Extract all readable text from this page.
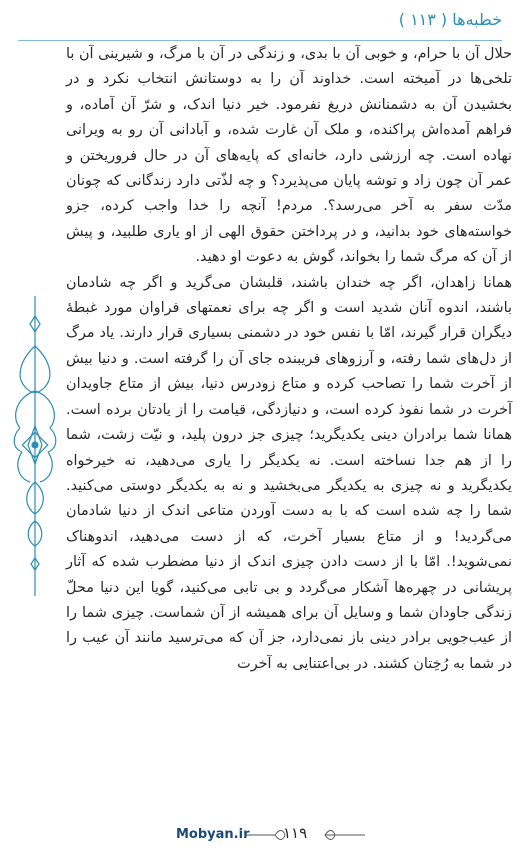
خطبه‌ها ( ۱۱۳ )

حلال آن با حرام، و خوبی آن با بدی، و زندگی در آن با مرگ، و شیرینی آن با تلخی‌ها در آمیخته است. خداوند آن را به دوستانش انتخاب نکرد و در بخشیدن آن به دشمنانش دریغ نفرمود. خیر دنیا اندک، و شرّ آن آماده، و فراهم آمده‌اش پراکنده، و ملک آن غارت شده، و آبادانی آن رو به ویرانی نهاده است. چه ارزشی دارد، خانه‌ای که پایه‌های آن در حال فروریختن و عمر آن چون زاد و توشه پایان می‌پذیرد؟ و چه لذّتی دارد زندگانی که چونان مدّت سفر به آخر می‌رسد؟. مردم! آنچه را خدا واجب کرده، جزو خواسته‌های خود بدانید، و در پرداختن حقوق الهی از او یاری طلبید، و پیش از آن که مرگ شما را بخواند، گوش به دعوت او دهید.

همانا زاهدان، اگر چه خندان باشند، قلبشان می‌گرید و اگر چه شادمان باشند، اندوه آنان شدید است و اگر چه برای نعمتهای فراوان مورد غبطهٔ دیگران قرار گیرند، امّا با نفس خود در دشمنی بسیاری قرار دارند. یاد مرگ از دل‌های شما رفته، و آرزوهای فریبنده جای آن را گرفته است. و دنیا بیش از آخرت شما را تصاحب کرده و متاع زودرس دنیا، بیش از متاع جاویدان آخرت در شما نفوذ کرده است، و دنیازدگی، قیامت را از یادتان برده است. همانا شما برادران دینی یکدیگرید؛ چیزی جز درون پلید، و نیّت زشت، شما را از هم جدا نساخته است. نه یکدیگر را یاری می‌دهید، نه خیرخواه یکدیگرید و نه چیزی به یکدیگر می‌بخشید و نه به یکدیگر دوستی می‌کنید. شما را چه شده است که با به دست آوردن متاعی اندک از دنیا شادمان می‌گردید! و از متاع بسیار آخرت، که از دست می‌دهید، اندوهناک نمی‌شوید!. امّا با از دست دادن چیزی اندک از دنیا مضطرب شده که آثار پریشانی در چهره‌ها آشکار می‌گردد و بی تابی می‌کنید، گویا این دنیا محلّ زندگی جاودان شما و وسایل آن برای همیشه از آن شماست. چیزی شما را از عیب‌جویی برادر دینی باز نمی‌دارد، جز آن که می‌ترسید مانند آن عیب را در شما به رُخِتان کشند. در بی‌اعتنایی به آخرت

Mobyan.ir ۱۱۹
